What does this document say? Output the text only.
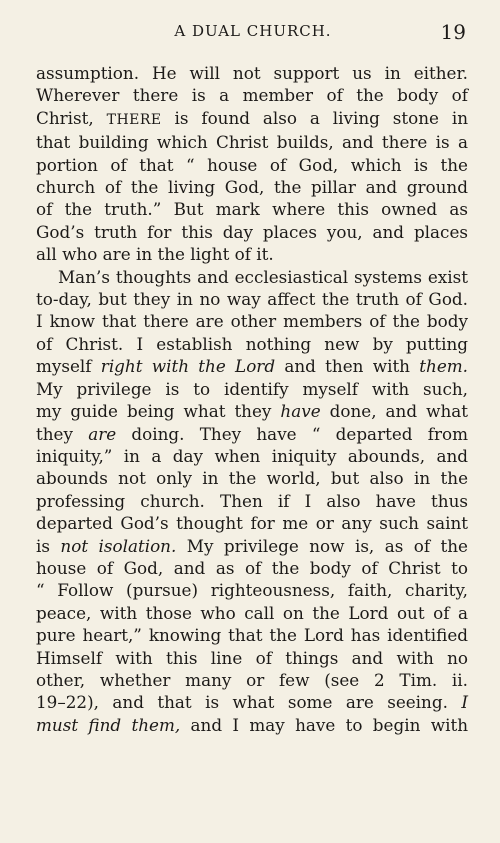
A DUAL CHURCH.	19
assumption. He will not support us in either.
Wherever there is a member of the body of
Christ, THERE is found also a living stone in
that building which Christ builds, and there is a
portion of that “ house of God, which is the
church of the living God, the pillar and ground
of the truth.” But mark where this owned as
God’s truth for this day places you, and places
all who are in the light of it.
Man’s thoughts and ecclesiastical systems exist
to-day, but they in no way affect the truth of God.
I know that there are other members of the body
of Christ. I establish nothing new by putting
myself right with the Lord and then with them.
My privilege is to identify myself with such,
my guide being what they have done, and what
they are doing. They have “ departed from
iniquity,” in a day when iniquity abounds, and
abounds not only in the world, but also in the
professing church. Then if I also have thus
departed God’s thought for me or any such saint
is not isolation. My privilege now is, as of the
house of God, and as of the body of Christ to
“ Follow (pursue) righteousness, faith, charity,
peace, with those who call on the Lord out of a
pure heart,” knowing that the Lord has identified
Himself with this line of things and with no
other, whether many or few (see 2 Tim. ii.
19–22), and that is what some are seeing. I
must find them, and I may have to begin with
